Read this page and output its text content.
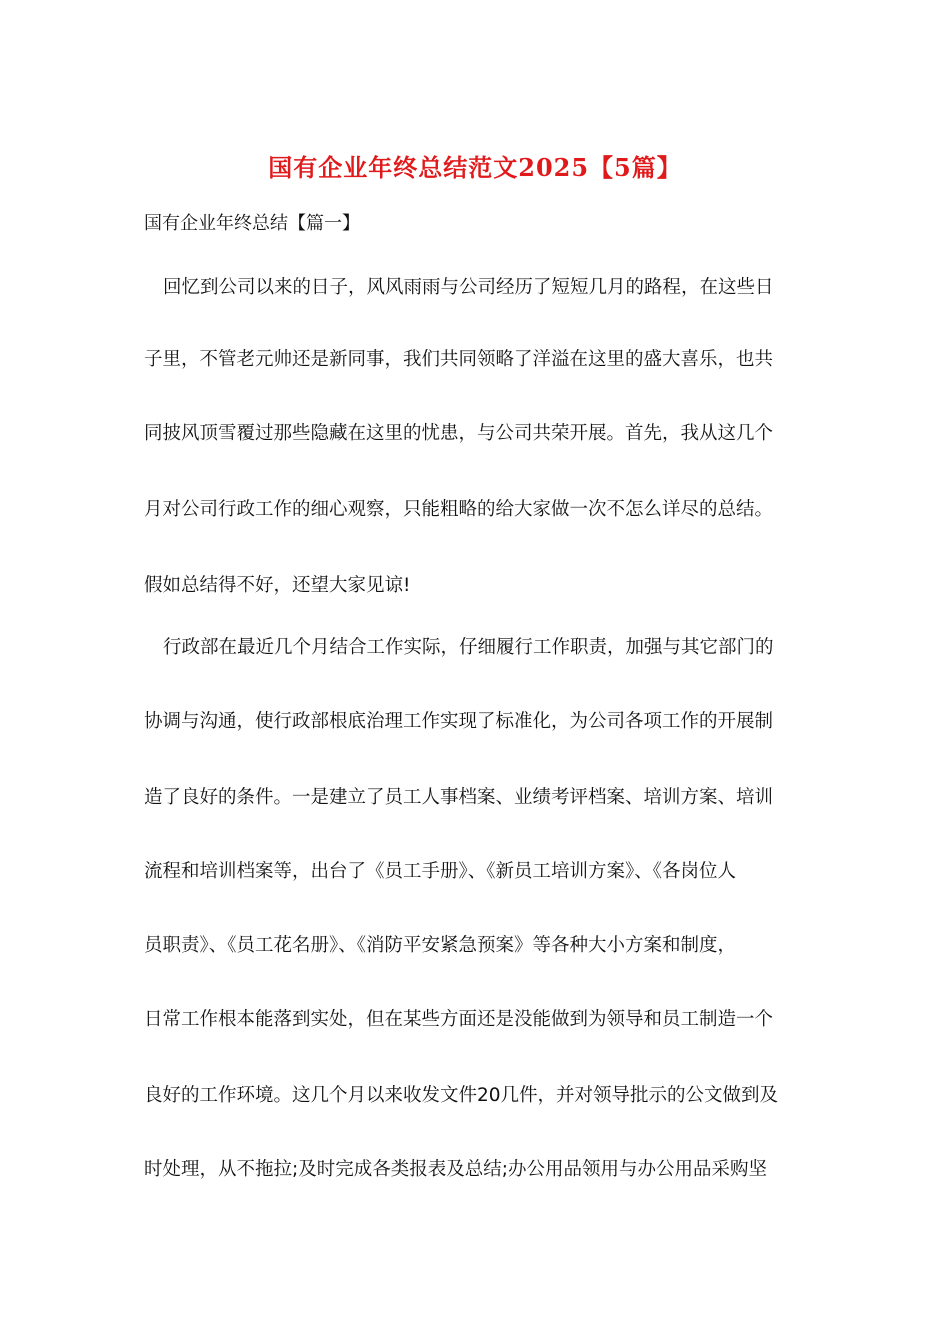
国有企业年终总结范文2025【5篇】

国有企业年终总结【篇一】

回忆到公司以来的日子，风风雨雨与公司经历了短短几月的路程，在这些日

子里，不管老元帅还是新同事，我们共同领略了洋溢在这里的盛大喜乐，也共

同披风顶雪覆过那些隐藏在这里的忧患，与公司共荣开展。首先，我从这几个

月对公司行政工作的细心观察，只能粗略的给大家做一次不怎么详尽的总结。

假如总结得不好，还望大家见谅!

行政部在最近几个月结合工作实际，仔细履行工作职责，加强与其它部门的

协调与沟通，使行政部根底治理工作实现了标准化，为公司各项工作的开展制

造了良好的条件。一是建立了员工人事档案、业绩考评档案、培训方案、培训

流程和培训档案等，出台了《员工手册》、《新员工培训方案》、《各岗位人

员职责》、《员工花名册》、《消防平安紧急预案》等各种大小方案和制度，

日常工作根本能落到实处，但在某些方面还是没能做到为领导和员工制造一个

良好的工作环境。这几个月以来收发文件20几件，并对领导批示的公文做到及

时处理，从不拖拉;及时完成各类报表及总结;办公用品领用与办公用品采购坚
